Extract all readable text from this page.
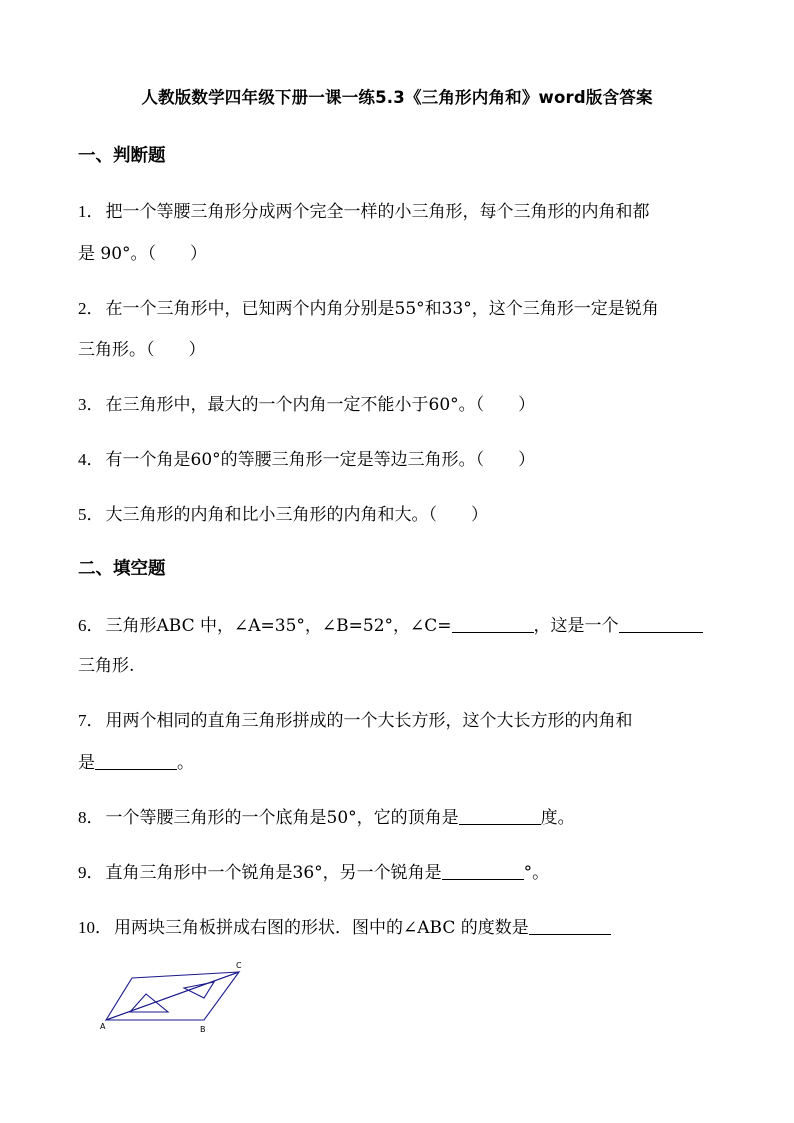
人教版数学四年级下册一课一练5.3《三角形内角和》word版含答案
一、判断题
1． 把一个等腰三角形分成两个完全一样的小三角形，每个三角形的内角和都
是 90°。（　　）
2． 在一个三角形中，已知两个内角分别是55°和33°，这个三角形一定是锐角
三角形。（　　）
3． 在三角形中，最大的一个内角一定不能小于60°。（　　）
4． 有一个角是60°的等腰三角形一定是等边三角形。（　　）
5． 大三角形的内角和比小三角形的内角和大。（　　）
二、填空题
6． 三角形ABC 中，∠A=35°，∠B=52°，∠C=	，这是一个
三角形.
7． 用两个相同的直角三角形拼成的一个大长方形，这个大长方形的内角和
是	。
8． 一个等腰三角形的一个底角是50°，它的顶角是	度。
9． 直角三角形中一个锐角是36°，另一个锐角是	°。
10． 用两块三角板拼成右图的形状．图中的∠ABC 的度数是
A	B
C
